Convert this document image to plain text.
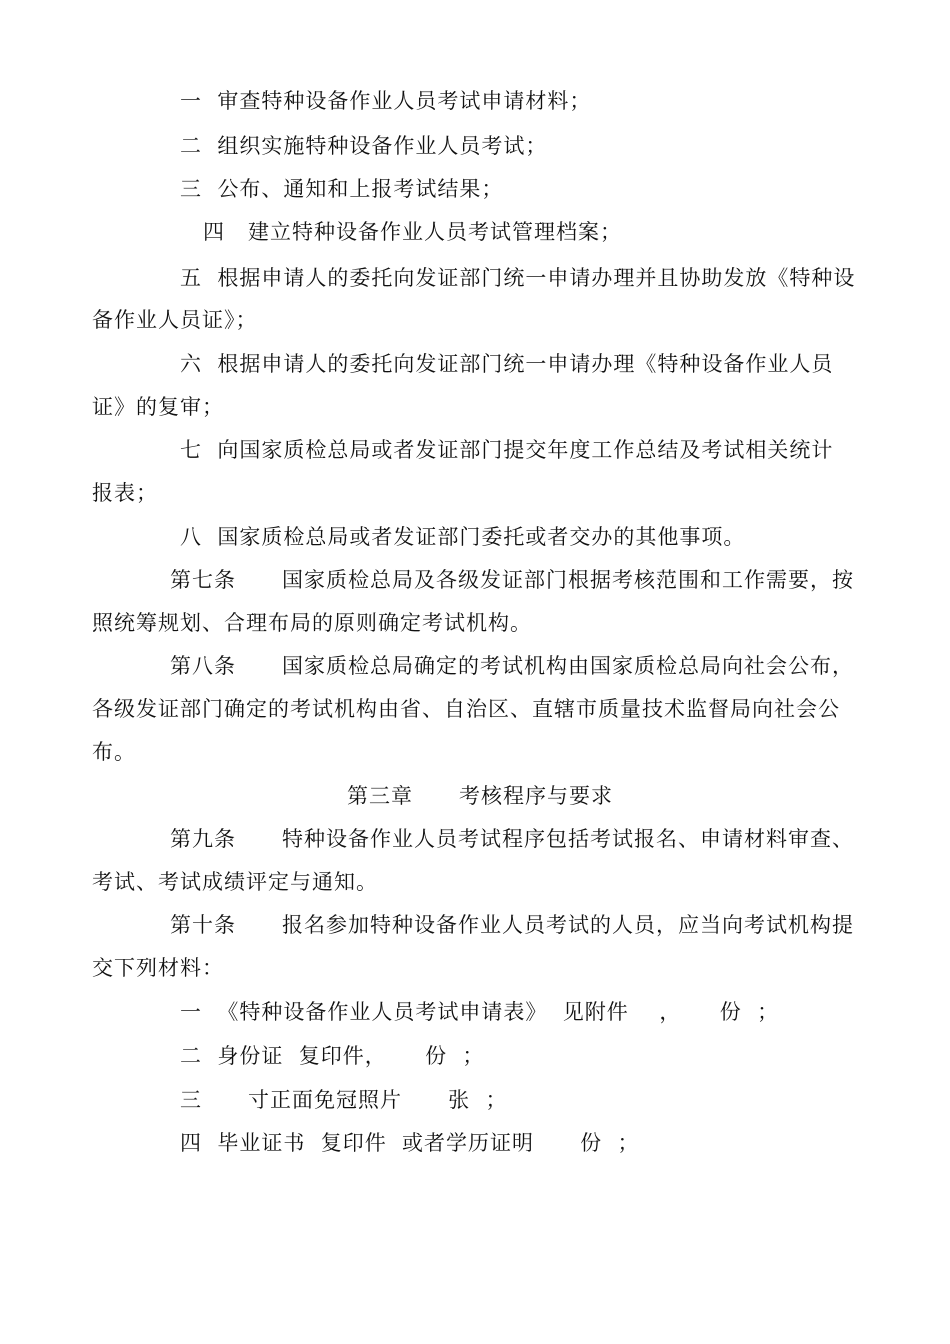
一  审查特种设备作业人员考试申请材料；
二  组织实施特种设备作业人员考试；
三  公布、通知和上报考试结果；
四   建立特种设备作业人员考试管理档案；
五  根据申请人的委托向发证部门统一申请办理并且协助发放《特种设
备作业人员证》；
六  根据申请人的委托向发证部门统一申请办理《特种设备作业人员
证》的复审；
七  向国家质检总局或者发证部门提交年度工作总结及考试相关统计
报表；
八  国家质检总局或者发证部门委托或者交办的其他事项。
第七条      国家质检总局及各级发证部门根据考核范围和工作需要，按
照统筹规划、合理布局的原则确定考试机构。
第八条      国家质检总局确定的考试机构由国家质检总局向社会公布，
各级发证部门确定的考试机构由省、自治区、直辖市质量技术监督局向社会公
布。
第三章      考核程序与要求
第九条      特种设备作业人员考试程序包括考试报名、申请材料审查、
考试、考试成绩评定与通知。
第十条      报名参加特种设备作业人员考试的人员，应当向考试机构提
交下列材料：
一  《特种设备作业人员考试申请表》  见附件    ，     份  ；
二  身份证  复印件，     份  ；
三      寸正面免冠照片      张  ；
四  毕业证书  复印件  或者学历证明      份  ；
